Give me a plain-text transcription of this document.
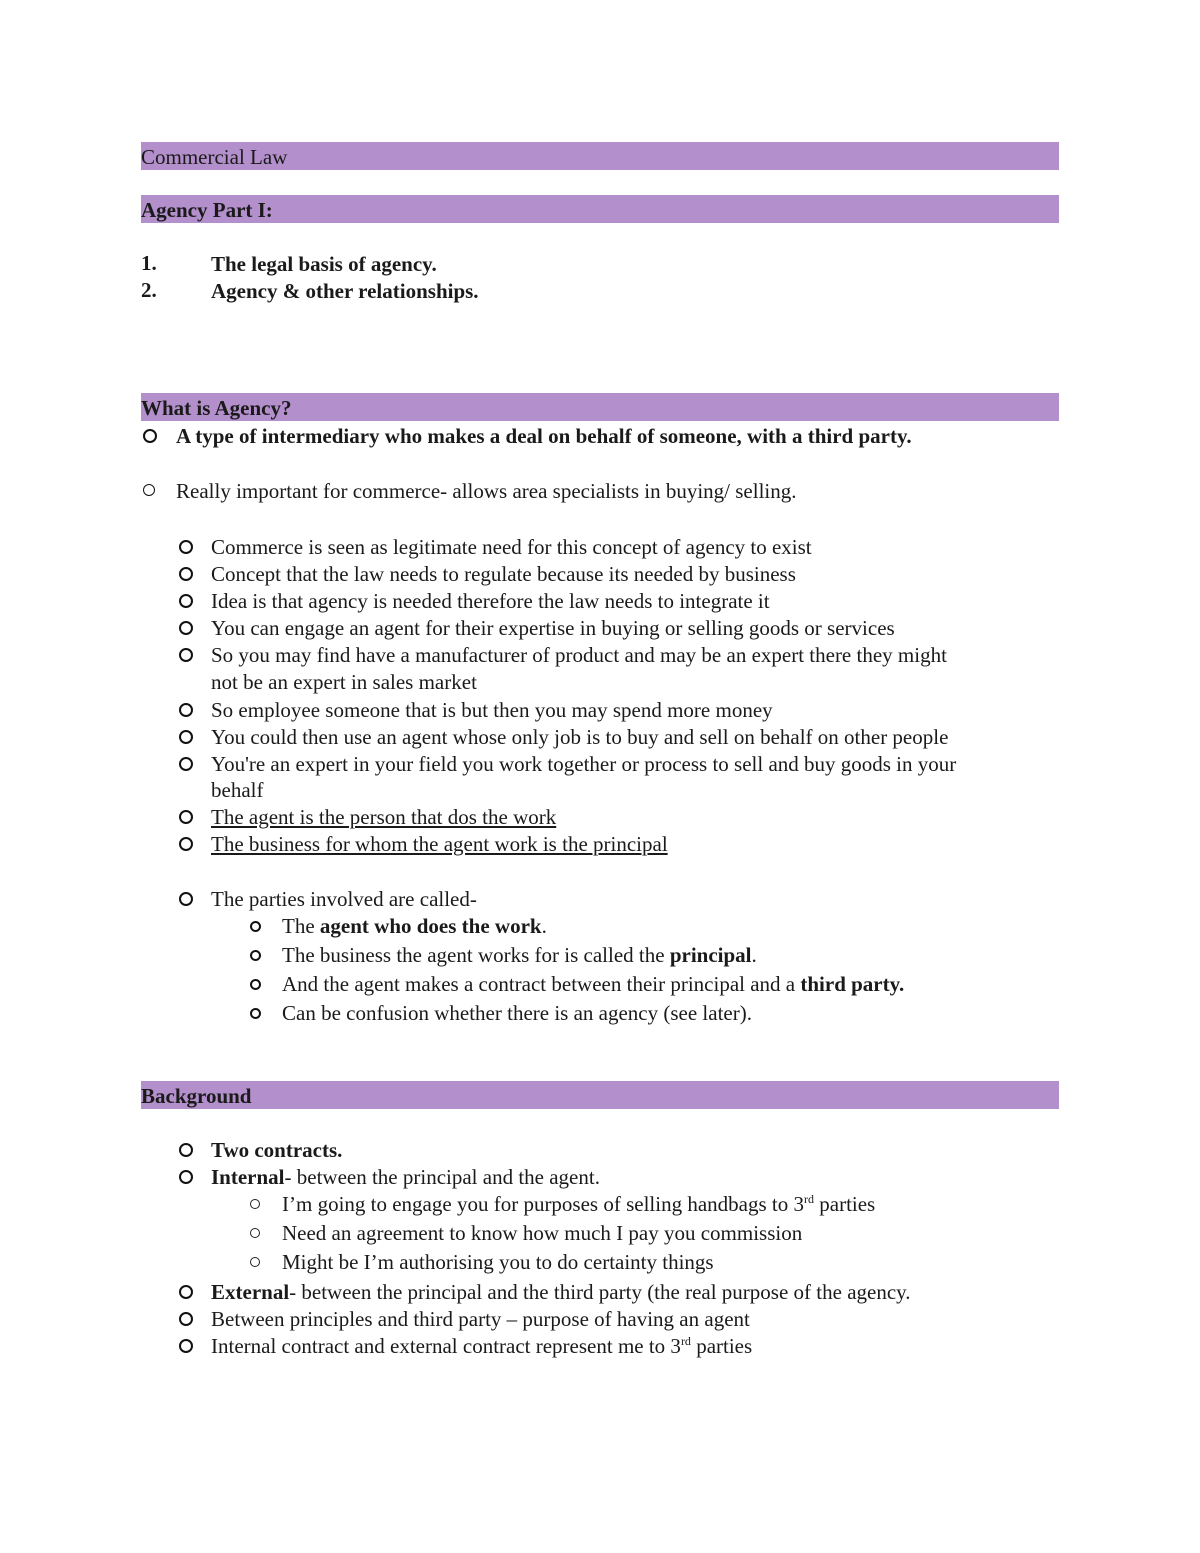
Commercial Law
Agency Part I:
1.	The legal basis of agency.
2.	Agency & other relationships.
What is Agency?
A type of intermediary who makes a deal on behalf of someone, with a third party.
Really important for commerce- allows area specialists in buying/ selling.
Commerce is seen as legitimate need for this concept of agency to exist
Concept that the law needs to regulate because its needed by business
Idea is that agency is needed therefore the law needs to integrate it
You can engage an agent for their expertise in buying or selling goods or services
So you may find have a manufacturer of product and may be an expert there they might
not be an expert in sales market
So employee someone that is but then you may spend more money
You could then use an agent whose only job is to buy and sell on behalf on other people
You're an expert in your field you work together or process to sell and buy goods in your
behalf
The agent is the person that dos the work
The business for whom the agent work is the principal
The parties involved are called-
The agent who does the work.
The business the agent works for is called the principal.
And the agent makes a contract between their principal and a third party.
Can be confusion whether there is an agency (see later).
Background
Two contracts.
Internal- between the principal and the agent.
I’m going to engage you for purposes of selling handbags to 3rd parties
Need an agreement to know how much I pay you commission
Might be I’m authorising you to do certainty things
External- between the principal and the third party (the real purpose of the agency.
Between principles and third party – purpose of having an agent
Internal contract and external contract represent me to 3rd parties
